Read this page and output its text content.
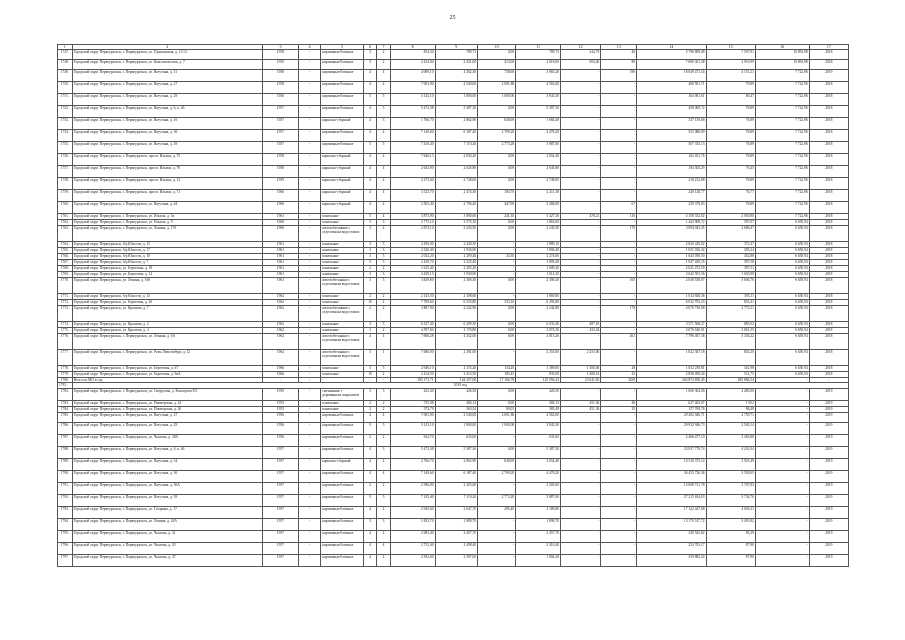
25
1	2	3	4	5	6	7	8	9	10	11	12	13	14	15	16	17
1747.	Городской округ Первоуральск, г. Первоуральск, ул. Пушкинская, д. 11/13	1958	-	кирпичные/блочные	3	2	854,30	789,73	0,00	789,73	344,79	40	5 798 809,08	7 597,91	10 893,98	2018
1748.	Городской округ Первоуральск, г. Первоуральск, ул. Комсомольская, д. 7	1955	-	кирпичные/блочные	3	2	2 434,00	2 431,00	413,00	2 018,00	904,40	80	7 080 301,38	2 910,99	10 893,98	2018
1749.	Городской округ Первоуральск, г. Первоуральск, ул. Ватутина, д. 31	1958	-	кирпичные/блочные	4	4	4 089,10	4 382,30	738,60	3 863,20	-	196	18 049 471,34	4 151,21	7 722,96	2019
1750.	Городской округ Первоуральск, г. Первоуральск, ул. Ватутина, д. 27	1958	-	кирпичные/блочные	4	4	7 003,90	2 540,00	2 001,80	4 563,00	-	-	468 581,71	79,89	7 722,96	2018
1751.	Городской округ Первоуральск, г. Первоуральск, ул. Ватутина, д. 29	1956	-	кирпичные/блочные	5	5	3 143,10	1 800,00	1 000,00	3 843,30	-	-	164 001,61	80,47	7 722,96	2018
1752.	Городской округ Первоуральск, г. Первоуральск, ул. Ватутина, д. 6, к. 46	1957	-	кирпичные/блочные	4	3	5 472,38	5 387,30	0,00	5 387,30	-	-	458 000,72	76,89	7 722,96	2018
1753.	Городской округ Первоуральск, г. Первоуральск, ул. Ватутина, д. 16	1957	-	каркасно-сборный	4	3	1 766,70	2 862,90	840,00	1 684,40	-	-	337 139,68	76,89	7 722,96	2018
1754.	Городской округ Первоуральск, г. Первоуральск, ул. Ватутина, д. 36	1957	-	кирпичные/блочные	4	4	7 149,60	6 187,40	2 709,20	4 478,20	-	-	552 080,00	76,89	7 722,96	2018
1755.	Городской округ Первоуральск, г. Первоуральск, ул. Ватутина, д. 39	1957	-	кирпичные/блочные	5	5	7 410,40	7 110,20	2 773,20	5 887,00	-	-	567 335,13	76,89	7 722,96	2018
1756.	Городской округ Первоуральск, г. Первоуральск, просп. Ильича, д. 75	1958	-	каркасно-сборный	4	4	7 646,13	2 834,20	0,00	2 654,40	-	-	162 451,76	76,89	7 722,96	2018
1757.	Городской округ Первоуральск, г. Первоуральск, просп. Ильича, д. 79	1958	-	каркасно-сборный	4	4	2 645,80	2 645,80	0,00	2 645,80	-	-	194 303,29	76,45	7 722,96	2018
1758.	Городской округ Первоуральск, г. Первоуральск, просп. Ильича, д. 12	1959	-	каркасно-сборный	4	4	2 272,60	2 748,00	0,00	2 748,00	-	-	218 212,88	76,89	7 722,96	2018
1759.	Городской округ Первоуральск, г. Первоуральск, просп. Ильича, д. 71	1960	-	каркасно-сборный	4	4	3 523,70	2 474,30	184,70	2 211,30	-	-	240 128,77	76,77	7 722,96	2018
1760.	Городской округ Первоуральск, г. Первоуральск, ул. Ватутина, д. 44	1960	-	каркасно-сборный	4	4	2 565,40	2 796,40	447,90	3 268,00	-	67	239 379,03	76,89	7 722,96	2018
1761.	Городской округ Первоуральск, г. Первоуральск, ул. Ильича, д. 5а	1961	-	панельные	5	4	3 875,90	3 890,60	241,30	3 427,30	478,21	110	4 158 352,02	2 050,80	7 722,96	2018
1762.	Городской округ Первоуральск, г. Первоуральск, ул. Ильича, д. 9	1960	-	панельные	3	3	2 775,10	2 575,10	0,00	1 863,00	-	-	1 443 908,72	397,07	6 650,94	2018
1763.	Городской округ Первоуральск, г. Первоуральск, ул. Ленина, д. 17б	1960	-	железобетонные с отделочным водостоком	3	4	2 873,10	3 243,50	0,00	3 243,50	-	170	3 094 043,45	2 680,47	6 650,94	2018
1764.	Городской округ Первоуральск, б/р Юности, д. 15	1961	-	панельные	3	3	2 450,00	2 440,30	-	1 889,10	-	-	2 820 429,02	372,47	6 650,94	2018
1765.	Городской округ Первоуральск, б/р Юности, д. 17	1961	-	панельные	3	3	2 326,40	1 936,00	-	1 804,40	-	-	1 051 036,42	303,24	6 650,94	2018
1766.	Городской округ Первоуральск, б/р Юности, д. 18	1961	-	панельные	3	3	2 032,20	2 209,40	43,30	2 274,60	-	-	1 643 058,50	452,88	6 650,94	2018
1767.	Городской округ Первоуральск, б/р Юности, д. 7	1961	-	панельные	3	3	2 430,70	2 225,40	-	1 895,40	-	-	1 947 429,35	397,58	6 650,94	2018
1768.	Городской округ Первоуральск, ул. Береговая, д. 18	1961	-	панельные	2	2	1 615,40	2 205,20	-	1 609,20	-	-	2 021 472,59	397,51	6 650,94	2018
1769.	Городской округ Первоуральск, ул. Береговая, д. 12	1961	-	панельные	3	3	4 439,13	1 930,00	-	1 614,20	-	-	3 642 591,56	1 045,88	6 650,94	2018
1770.	Городской округ Первоуральск, ул. Ленина, д. 16б	1961	-	железобетонные с отделочным водостоком	3	3	3 829,60	2 306,30	0,00	2 306,30	-	165	2 038 538,07	3 606,76	6 650,94	2018
1771.	Городской округ Первоуральск, б/р Юности, д. 13	1962	-	панельные	2	2	2 143,50	2 108,60	-	1 869,80	-	-	1 014 928,36	393,11	6 650,94	2018
1772.	Городской округ Первоуральск, ул. Береговая, д. 26	1962	-	панельные	10	2	7 709,60	6 533,80	333,10	6 293,80	-	-	6 032 703,23	833,41	6 650,94	2018
1773.	Городской округ Первоуральск, ул. Крылова, д. 7	1962	-	железобетонные с отделочным водостоком	2	2	3 887,90	2 242,90	0,00	3 242,80	-	178	4 070 730,08	2 775,21	6 650,94	2018
1774.	Городской округ Первоуральск, ул. Крылова, д. 2	1962	-	панельные	3	3	6 527,40	6 209,30	0,00	6 033,40	487,18	-	3 371 568,27	885,02	6 650,94	2018
1775.	Городской округ Первоуральск, ул. Крылова, д. 4	1962	-	панельные	3	2	4 597,04	2 176,80	0,00	3 874,50	433,44	-	3 076 640,01	2 061,35	6 650,94	2018
1776.	Городской округ Первоуральск, г. Первоуральск, ул. Ленина, д. 6А	1962	-	железобетонные с отделочным водостоком	4	4	7 606,28	4 332,00	0,00	4 813,26	-	261	7 796 467,38	3 336,22	6 650,94	2018
1777.	Городской округ Первоуральск, г. Первоуральск, ул. Розы Люксембург, д. 12	1962	-	железобетонные с отделочным водостоком	3	1	7 680,00	2 281,00	-	2 253,00	2 253,00	-	1 822 367,18	843,20	6 650,94	2018
1778.	Городской округ Первоуральск, г. Первоуральск, ул. Береговая, д. 67	1966	-	панельные	3	5	2 946,10	2 174,20	134,20	1 389,00	1 300,00	28	1 052 258,81	341,98	6 650,94	2018
1779.	Городской округ Первоуральск, г. Первоуральск, ул. Береговая, д. 9вА	1966	-	панельные	10	2	2 414,50	2 414,50	185,45	835,00	1 400,14	43	2 836 058,44	511,75	6 650,94	2018
1780.	Итого по МО в год	-	-	-	-	-	185 173,71	144 357,08	17 160,78	125 956,23	23 041,65	3250	264 874 838,45	285 884,54	-	-
1781.	2019 год															
1782.	Городской округ Первоуральск, г. Первоуральск, ул. Свердлова, д. Комсоргов 8/3	1959	-	смешанные с деревянным покрытием	3	3	423,40	426,50	0,00	426,50	-	-	1 060 304,06	2 485,00	-	2019
1783.	Городской округ Первоуральск, г. Первоуральск, ул. Пионерская, д. 24	1953	-	панельные	2	2	735,98	284,13	0,00	284,13	451,36	48	627 463,07	1 052	-	2019
1784.	Городской округ Первоуральск, г. Первоуральск, ул. Пионерская, д. 26	1953	-	панельные	2	2	373,79	363,54	80,05	383,49	451,36	35	157 769,76	88,48	-	2019
1785.	Городской округ Первоуральск, г. Первоуральск, ул. Ватутина, д. 27	1956	-	кирпичные/блочные	4	4	7 003,90	2 540,00	2 001,80	4 563,00	-	-	29 492 046,71	2 759,71	-	2019
1786.	Городской округ Первоуральск, г. Первоуральск, ул. Ватутина, д. 29	1956	-	кирпичные/блочные	5	5	3 143,10	1 800,00	1 000,00	3 843,30	-	-	29 932 946,73	2 540,14	-	2019
1787.	Городской округ Первоуральск, г. Первоуральск, ул. Чкалова, д. 38А	1956	-	кирпичные/блочные	2	2	634,70	633,00	-	633,00	-	-	2 466 477,10	3 363,88	-	2019
1788.	Городской округ Первоуральск, г. Первоуральск, ул. Ватутина, д. 6, к. 46	1957	-	кирпичные/блочные	4	3	5 472,38	5 387,30	0,00	5 387,30	-	-	23 927 779,74	4 231,04	-	2019
1789.	Городской округ Первоуральск, г. Первоуральск, ул. Ватутина, д. 34	1957	-	каркасно-сборный	4	4	2 766,70	2 862,90	840,00	3 654,40	-	-	10 318 373,14	3 925,49	-	2019
1790.	Городской округ Первоуральск, г. Первоуральск, ул. Ватутина, д. 36	1957	-	кирпичные/блочные	4	4	7 149,60	6 187,40	2 709,20	4 478,20	-	-	36 435 726,36	3 550,05	-	2019
1791.	Городской округ Первоуральск, г. Первоуральск, ул. Ватутина, д. 36А	1957	-	кирпичные/блочные	2	2	2 596,80	2 205,60	-	2 205,60	-	-	13 008 721,78	3 707,83	-	2019
1792.	Городской округ Первоуральск, г. Первоуральск, ул. Ватутина, д. 39	1957	-	кирпичные/блочные	5	5	7 145,40	7 110,20	2 773,20	5 887,00	-	-	27 215 634,03	3 734,76	-	2019
1793.	Городской округ Первоуральск, г. Первоуральск, ул. Гагарина, д. 17	1957	-	кирпичные/блочные	4	4	2 945,60	2 647,70	285,40	3 189,80	-	-	17 122 447,08	4 036,31	-	2019
1794.	Городской округ Первоуральск, г. Первоуральск, ул. Ленина, д. 24А	1957	-	кирпичные/блочные	3	3	1 833,70	1 889,70	-	1 890,70	-	-	13 170 517,72	3 491,82	-	2019
1795.	Городской округ Первоуральск, г. Первоуральск, ул. Чкалова, д. 41	1957	-	кирпичные/блочные	4	4	2 083,40	2 457,70	-	2 457,70	-	-	249 543,82	85,29	-	2019
1796.	Городской округ Первоуральск, г. Первоуральск, ул. Чкалова, д. 43	1957	-	кирпичные/блочные	4	4	2 752,40	2 498,40	-	2 410,40	-	-	232 703,17	87,90	-	2019
1797.	Городской округ Первоуральск, г. Первоуральск, ул. Чкалова, д. 47	1957	-	кирпичные/блочные	4	4	2 392,60	2 397,00	-	1 804,20	-	-	359 882,24	87,90	-	2019
